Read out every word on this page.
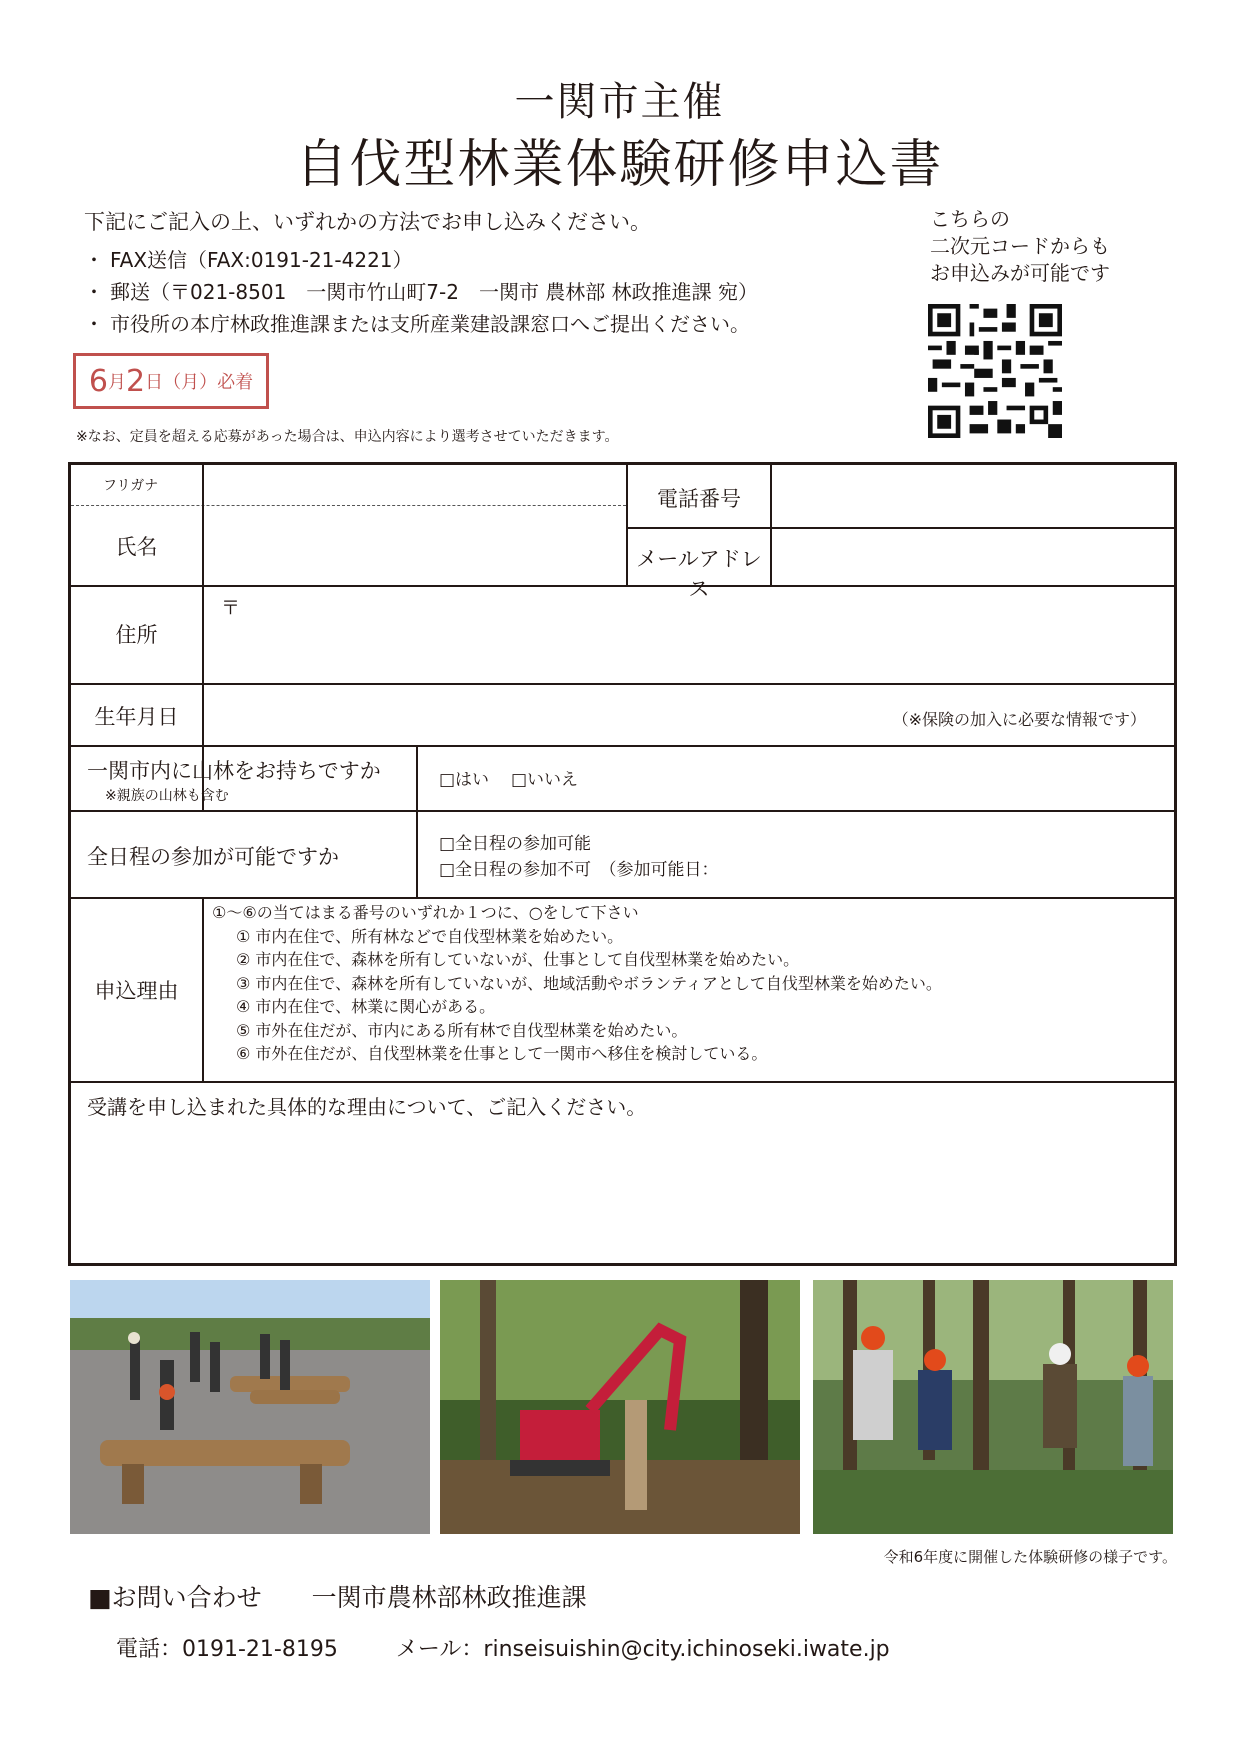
一関市主催
自伐型林業体験研修申込書
下記にご記入の上、いずれかの方法でお申し込みください。
・ FAX送信（FAX:0191-21-4221）
・ 郵送（〒021-8501　一関市竹山町7-2　一関市 農林部 林政推進課 宛）
・ 市役所の本庁林政推進課または支所産業建設課窓口へご提出ください。
こちらの
二次元コードからも
お申込みが可能です
6 月 2 日 （月） 必着
※なお、定員を超える応募があった場合は、申込内容により選考させていただきます。
フリガナ
氏名
電話番号
メールアドレス
住所
〒
生年月日	（※保険の加入に必要な情報です）
一関市内に山林をお持ちですか
※親族の山林も含む
□はい □いいえ
全日程の参加が可能ですか
□全日程の参加可能
□全日程の参加不可　（参加可能日：
申込理由
①～⑥の当てはまる番号のいずれか１つに、○をして下さい
① 市内在住で、所有林などで自伐型林業を始めたい。
② 市内在住で、森林を所有していないが、仕事として自伐型林業を始めたい。
③ 市内在住で、森林を所有していないが、地域活動やボランティアとして自伐型林業を始めたい。
④ 市内在住で、林業に関心がある。
⑤ 市外在住だが、市内にある所有林で自伐型林業を始めたい。
⑥ 市外在住だが、自伐型林業を仕事として一関市へ移住を検討している。
受講を申し込まれた具体的な理由について、ご記入ください。
令和6年度に開催した体験研修の様子です。
■お問い合わせ　　一関市農林部林政推進課
電話：0191-21-8195	メール：rinseisuishin@city.ichinoseki.iwate.jp
